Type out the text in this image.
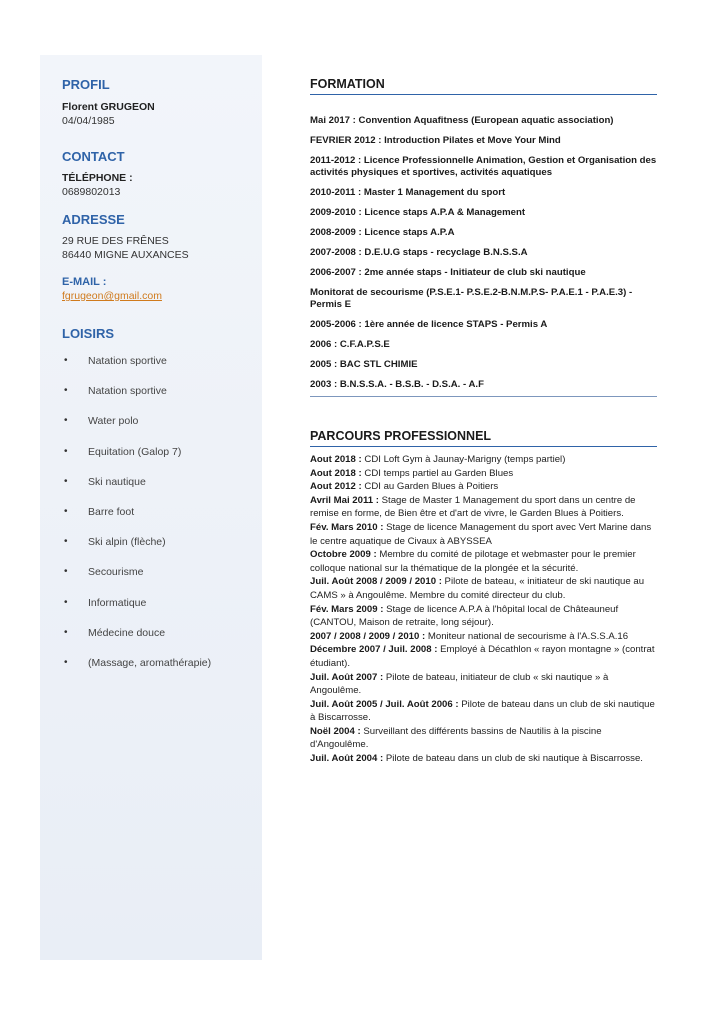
PROFIL
Florent GRUGEON
04/04/1985
CONTACT
TÉLÉPHONE :
0689802013
ADRESSE
29 RUE DES FRÊNES
86440 MIGNE AUXANCES
E-MAIL :
fgrugeon@gmail.com
LOISIRS
• Natation sportive
• Natation sportive
• Water polo
• Equitation (Galop 7)
• Ski nautique
• Barre foot
• Ski alpin (flèche)
• Secourisme
• Informatique
• Médecine douce
• (Massage, aromathérapie)
FORMATION
Mai 2017 : Convention Aquafitness (European aquatic association)
FEVRIER 2012 : Introduction Pilates et Move Your Mind
2011-2012 : Licence Professionnelle Animation, Gestion et Organisation des activités physiques et sportives, activités aquatiques
2010-2011 : Master 1 Management du sport
2009-2010 : Licence staps A.P.A & Management
2008-2009 : Licence staps A.P.A
2007-2008 : D.E.U.G staps - recyclage B.N.S.S.A
2006-2007 : 2me année staps - Initiateur de club ski nautique
Monitorat de secourisme (P.S.E.1- P.S.E.2-B.N.M.P.S- P.A.E.1 - P.A.E.3) - Permis E
2005-2006 : 1ère année de licence STAPS - Permis A
2006 : C.F.A.P.S.E
2005 : BAC STL CHIMIE
2003 : B.N.S.S.A. - B.S.B. - D.S.A. - A.F
PARCOURS PROFESSIONNEL
Aout 2018 : CDI Loft Gym à Jaunay-Marigny (temps partiel)
Aout 2018 : CDI temps partiel au Garden Blues
Aout 2012 : CDI au Garden Blues à Poitiers
Avril Mai 2011 : Stage de Master 1 Management du sport dans un centre de remise en forme, de Bien être et d'art de vivre, le Garden Blues à Poitiers.
Fév. Mars 2010 : Stage de licence Management du sport avec Vert Marine dans le centre aquatique de Civaux à ABYSSEA
Octobre 2009 : Membre du comité de pilotage et webmaster pour le premier colloque national sur la thématique de la plongée et la sécurité.
Juil. Août 2008 / 2009 / 2010 : Pilote de bateau, « initiateur de ski nautique au CAMS » à Angoulême. Membre du comité directeur du club.
Fév. Mars 2009 : Stage de licence A.P.A à l'hôpital local de Châteauneuf (CANTOU, Maison de retraite, long séjour).
2007 / 2008 / 2009 / 2010 : Moniteur national de secourisme à l'A.S.S.A.16
Décembre 2007 / Juil. 2008 : Employé à Décathlon « rayon montagne » (contrat étudiant).
Juil. Août 2007 : Pilote de bateau, initiateur de club « ski nautique » à Angoulême.
Juil. Août 2005 / Juil. Août 2006 : Pilote de bateau dans un club de ski nautique à Biscarrosse.
Noël 2004 : Surveillant des différents bassins de Nautilis à la piscine d'Angoulême.
Juil. Août 2004 : Pilote de bateau dans un club de ski nautique à Biscarrosse.
